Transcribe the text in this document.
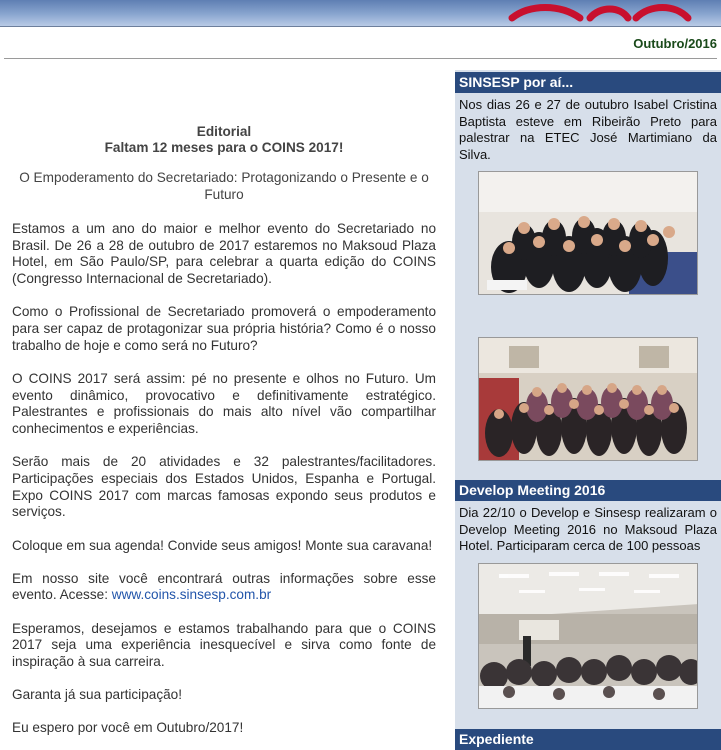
Outubro/2016
Editorial
Faltam 12 meses para o COINS 2017!
O Empoderamento do Secretariado: Protagonizando o Presente e o Futuro

Estamos a um ano do maior e melhor evento do Secretariado no Brasil. De 26 a 28 de outubro de 2017 estaremos no Maksoud Plaza Hotel, em São Paulo/SP, para celebrar a quarta edição do COINS (Congresso Internacional de Secretariado).

Como o Profissional de Secretariado promoverá o empoderamento para ser capaz de protagonizar sua própria história? Como é o nosso trabalho de hoje e como será no Futuro?

O COINS 2017 será assim: pé no presente e olhos no Futuro. Um evento dinâmico, provocativo e definitivamente estratégico. Palestrantes e profissionais do mais alto nível vão compartilhar conhecimentos e experiências.

Serão mais de 20 atividades e 32 palestrantes/facilitadores. Participações especiais dos Estados Unidos, Espanha e Portugal. Expo COINS 2017 com marcas famosas expondo seus produtos e serviços.

Coloque em sua agenda! Convide seus amigos! Monte sua caravana!

Em nosso site você encontrará outras informações sobre esse evento. Acesse: www.coins.sinsesp.com.br

Esperamos, desejamos e estamos trabalhando para que o COINS 2017 seja uma experiência inesquecível e sirva como fonte de inspiração à sua carreira.

Garanta já sua participação!

Eu espero por você em Outubro/2017!

SINSESP por aí...
Nos dias 26 e 27 de outubro Isabel Cristina Baptista esteve em Ribeirão Preto para palestrar na ETEC José Martimiano da Silva.
Develop Meeting 2016
Dia 22/10 o Develop e Sinsesp realizaram o Develop Meeting 2016 no Maksoud Plaza Hotel. Participaram cerca de 100 pessoas
Expediente
